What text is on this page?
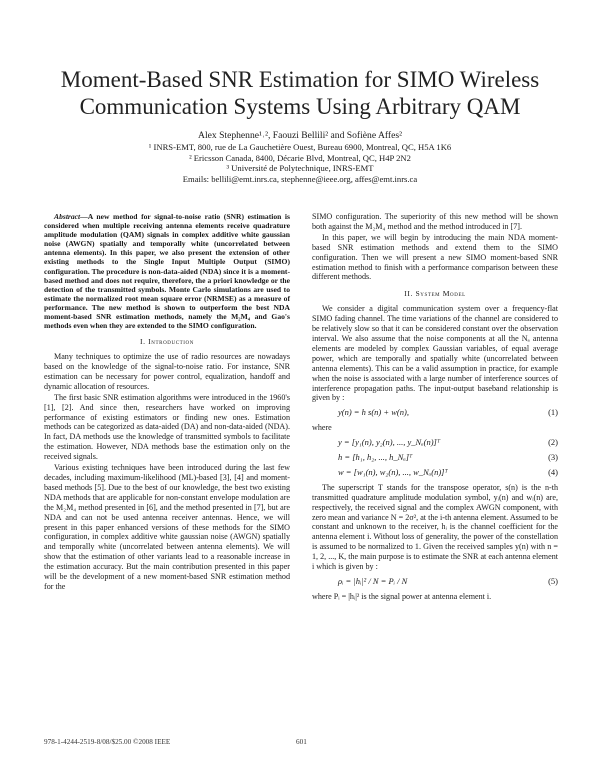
Moment-Based SNR Estimation for SIMO Wireless
Communication Systems Using Arbitrary QAM
Alex Stephenne¹˒², Faouzi Bellili² and Sofiène Affes²
¹ INRS-EMT, 800, rue de La Gauchetière Ouest, Bureau 6900, Montreal, QC, H5A 1K6
² Ericsson Canada, 8400, Décarie Blvd, Montreal, QC, H4P 2N2
³ Université de Polytechnique, INRS-EMT
Emails: bellili@emt.inrs.ca, stephenne@ieee.org, affes@emt.inrs.ca

Abstract—A new method for signal-to-noise ratio (SNR) estimation is considered when multiple receiving antenna elements receive quadrature amplitude modulation (QAM) signals in complex additive white gaussian noise (AWGN) spatially and temporally white (uncorrelated between antenna elements). In this paper, we also present the extension of other existing methods to the Single Input Multiple Output (SIMO) configuration. The procedure is non-data-aided (NDA) since it is a moment-based method and does not require, therefore, the a priori knowledge or the detection of the transmitted symbols. Monte Carlo simulations are used to estimate the normalized root mean square error (NRMSE) as a measure of performance. The new method is shown to outperform the best NDA moment-based SNR estimation methods, namely the M₂M₄ and Gao's methods even when they are extended to the SIMO configuration.

I. Introduction

Many techniques to optimize the use of radio resources are nowadays based on the knowledge of the signal-to-noise ratio. For instance, SNR estimation can be necessary for power control, equalization, handoff and dynamic allocation of resources.

The first basic SNR estimation algorithms were introduced in the 1960's [1], [2]. And since then, researchers have worked on improving performance of existing estimators or finding new ones. Estimation methods can be categorized as data-aided (DA) and non-data-aided (NDA). In fact, DA methods use the knowledge of transmitted symbols to facilitate the estimation. However, NDA methods base the estimation only on the received signals.

Various existing techniques have been introduced during the last few decades, including maximum-likelihood (ML)-based [3], [4] and moment-based methods [5]. Due to the best of our knowledge, the best two existing NDA methods that are applicable for non-constant envelope modulation are the M₂M₄ method presented in [6], and the method presented in [7], but are NDA and can not be used antenna receiver antennas. Hence, we will present in this paper enhanced versions of these methods for the SIMO configuration, in complex additive white gaussian noise (AWGN) spatially and temporally white (uncorrelated between antenna elements). We will show that the estimation of other variants lead to a reasonable increase in the estimation accuracy. But the main contribution presented in this paper will be the development of a new moment-based SNR estimation method for the

SIMO configuration. The superiority of this new method will be shown both against the M₂M₄ method and the method introduced in [7].

In this paper, we will begin by introducing the main NDA moment-based SNR estimation methods and extend them to the SIMO configuration. Then we will present a new SIMO moment-based SNR estimation method to finish with a performance comparison between these different methods.

II. System Model

We consider a digital communication system over a frequency-flat SIMO fading channel. The time variations of the channel are considered to be relatively slow so that it can be considered constant over the observation interval. We also assume that the noise components at all the Nₐ antenna elements are modeled by complex Gaussian variables, of equal average power, which are temporally and spatially white (uncorrelated between antenna elements). This can be a valid assumption in practice, for example when the noise is associated with a large number of interference sources of interference propagation paths. The input-output baseband relationship is given by :

y(n) = h s(n) + w(n),	(1)

where

y = [y₁(n), y₂(n), ..., y_Nₐ(n)]ᵀ	(2)
h = [h₁, h₂, ..., h_Nₐ]ᵀ	(3)
w = [w₁(n), w₂(n), ..., w_Nₐ(n)]ᵀ	(4)

The superscript T stands for the transpose operator, s(n) is the n-th transmitted quadrature amplitude modulation symbol, yᵢ(n) and wᵢ(n) are, respectively, the received signal and the complex AWGN component, with zero mean and variance N = 2σ², at the i-th antenna element. Assumed to be constant and unknown to the receiver, hᵢ is the channel coefficient for the antenna element i. Without loss of generality, the power of the constellation is assumed to be normalized to 1. Given the received samples y(n) with n = 1, 2, ..., K, the main purpose is to estimate the SNR at each antenna element i which is given by :

ρᵢ = |hᵢ|² / N = Pᵢ / N	(5)

where Pᵢ = |hᵢ|² is the signal power at antenna element i.

978-1-4244-2519-8/08/$25.00 ©2008 IEEE	601
